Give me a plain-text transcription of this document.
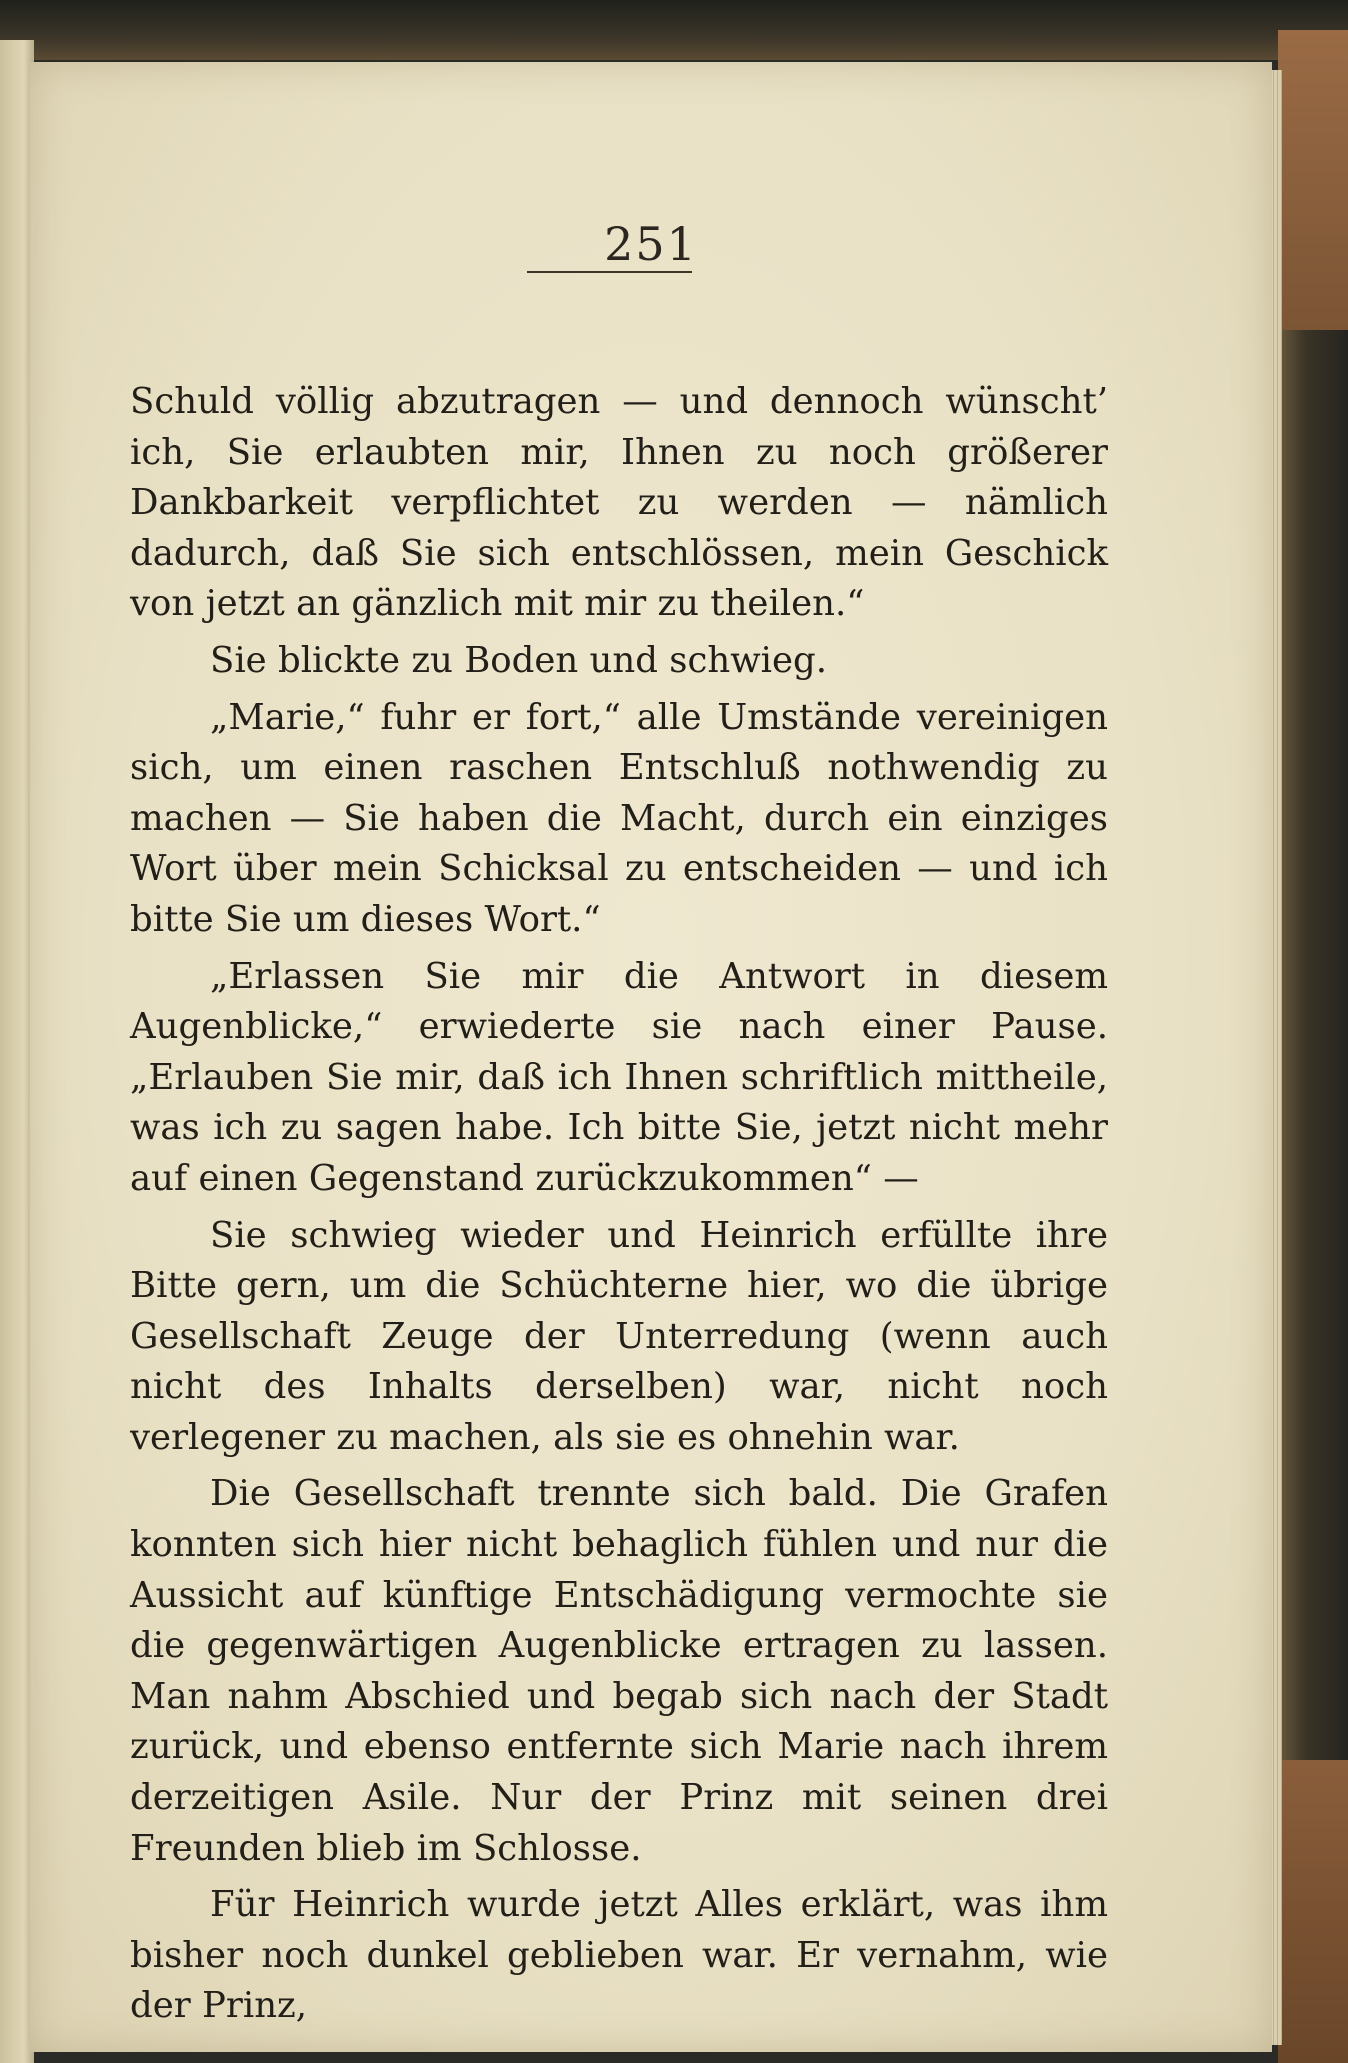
251

Schuld völlig abzutragen — und dennoch wünscht’ ich, Sie erlaubten mir, Ihnen zu noch größerer Dankbarkeit verpflichtet zu werden — nämlich dadurch, daß Sie sich entschlössen, mein Geschick von jetzt an gänzlich mit mir zu theilen.“

Sie blickte zu Boden und schwieg.

„Marie,“ fuhr er fort,“ alle Umstände vereinigen sich, um einen raschen Entschluß nothwendig zu machen — Sie haben die Macht, durch ein einziges Wort über mein Schicksal zu entscheiden — und ich bitte Sie um dieses Wort.“

„Erlassen Sie mir die Antwort in diesem Augenblicke,“ erwiederte sie nach einer Pause. „Erlauben Sie mir, daß ich Ihnen schriftlich mittheile, was ich zu sagen habe. Ich bitte Sie, jetzt nicht mehr auf einen Gegenstand zurückzukommen“ —

Sie schwieg wieder und Heinrich erfüllte ihre Bitte gern, um die Schüchterne hier, wo die übrige Gesellschaft Zeuge der Unterredung (wenn auch nicht des Inhalts derselben) war, nicht noch verlegener zu machen, als sie es ohnehin war.

Die Gesellschaft trennte sich bald. Die Grafen konnten sich hier nicht behaglich fühlen und nur die Aussicht auf künftige Entschädigung vermochte sie die gegenwärtigen Augenblicke ertragen zu lassen. Man nahm Abschied und begab sich nach der Stadt zurück, und ebenso entfernte sich Marie nach ihrem derzeitigen Asile. Nur der Prinz mit seinen drei Freunden blieb im Schlosse.

Für Heinrich wurde jetzt Alles erklärt, was ihm bisher noch dunkel geblieben war. Er vernahm, wie der Prinz,
